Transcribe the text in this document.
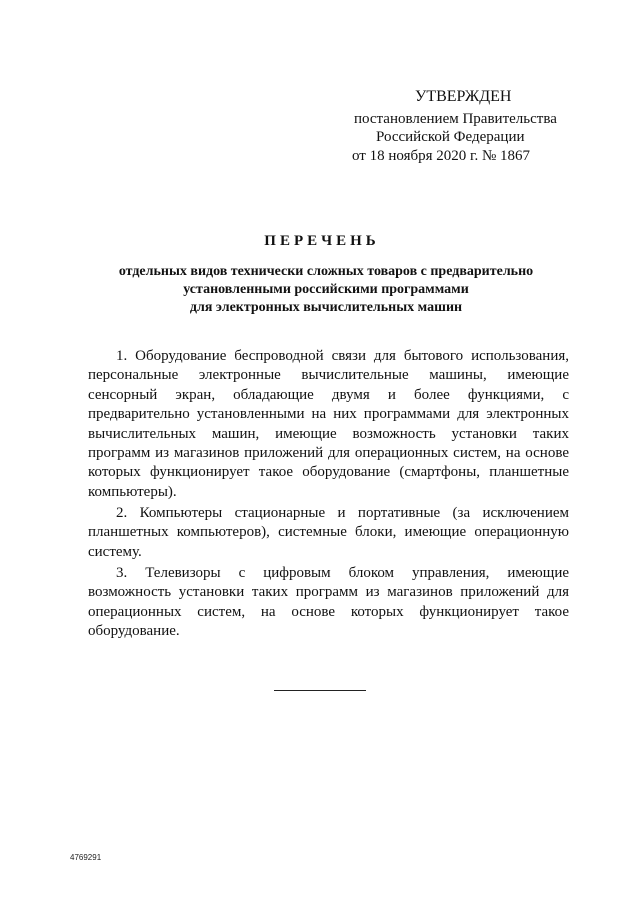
УТВЕРЖДЕН
постановлением Правительства
Российской Федерации
от 18 ноября 2020 г. № 1867
ПЕРЕЧЕНЬ
отдельных видов технически сложных товаров с предварительно
установленными российскими программами
для электронных вычислительных машин

1. Оборудование беспроводной связи для бытового использования, персональные электронные вычислительные машины, имеющие сенсорный экран, обладающие двумя и более функциями, с предварительно установленными на них программами для электронных вычислительных машин, имеющие возможность установки таких программ из магазинов приложений для операционных систем, на основе которых функционирует такое оборудование (смартфоны, планшетные компьютеры).

2. Компьютеры стационарные и портативные (за исключением планшетных компьютеров), системные блоки, имеющие операционную систему.

3. Телевизоры с цифровым блоком управления, имеющие возможность установки таких программ из магазинов приложений для операционных систем, на основе которых функционирует такое оборудование.

4769291
